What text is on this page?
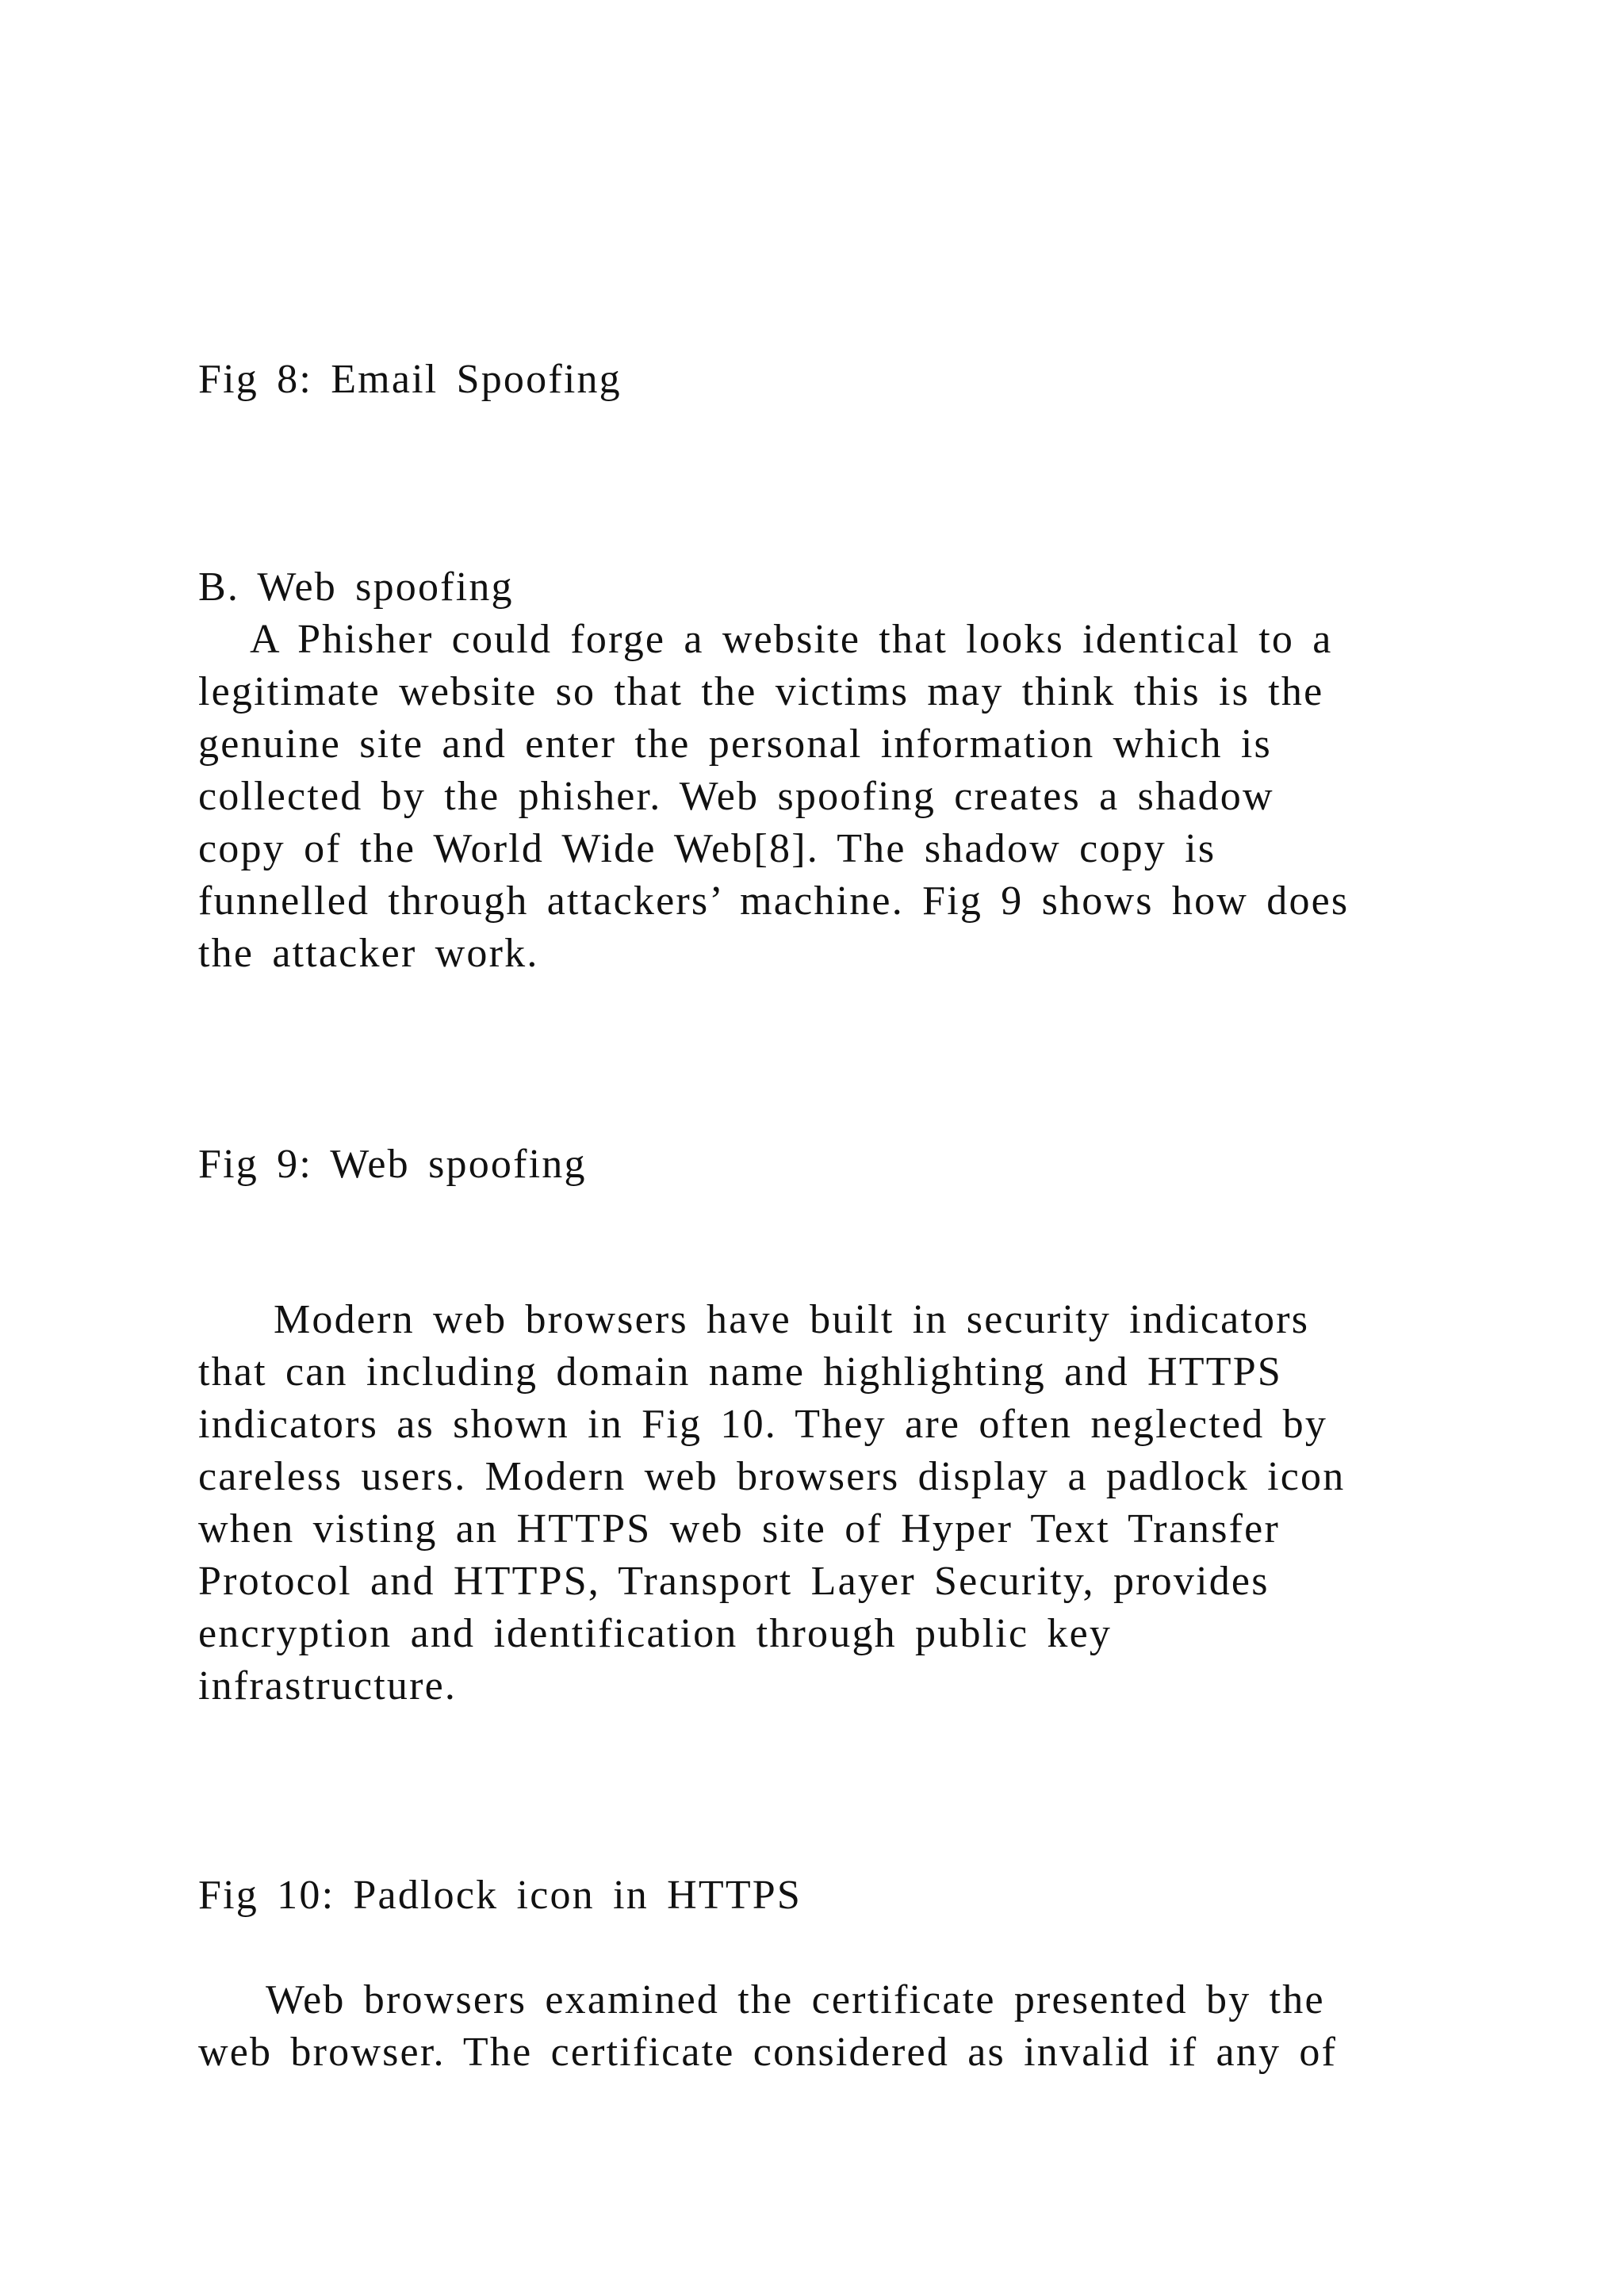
Fig 8: Email Spoofing
B. Web spoofing
A Phisher could forge a website that looks identical to a
legitimate website so that the victims may think this is the
genuine site and enter the personal information which is
collected by the phisher. Web spoofing creates a shadow
copy of the World Wide Web[8]. The shadow copy is
funnelled through attackers’ machine. Fig 9 shows how does
the attacker work.
Fig 9: Web spoofing
Modern web browsers have built in security indicators
that can including domain name highlighting and HTTPS
indicators as shown in Fig 10. They are often neglected by
careless users. Modern web browsers display a padlock icon
when visting an HTTPS web site of Hyper Text Transfer
Protocol and HTTPS, Transport Layer Security, provides
encryption and identification through public key
infrastructure.
Fig 10: Padlock icon in HTTPS
Web browsers examined the certificate presented by the
web browser. The certificate considered as invalid if any of
